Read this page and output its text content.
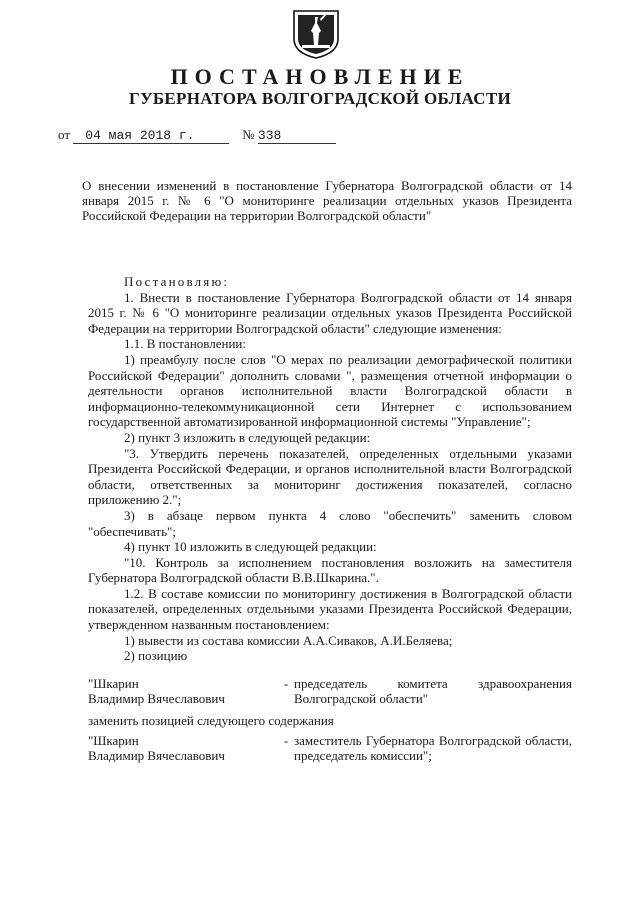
ПОСТАНОВЛЕНИЕ
ГУБЕРНАТОРА ВОЛГОГРАДСКОЙ ОБЛАСТИ
от 04 мая 2018 г.	№ 338
О внесении изменений в постановление Губернатора Волгоградской области от 14 января 2015 г. № 6 "О мониторинге реализации отдельных указов Президента Российской Федерации на территории Волгоградской области"

Постановляю:

1. Внести в постановление Губернатора Волгоградской области от 14 января 2015 г. № 6 "О мониторинге реализации отдельных указов Президента Российской Федерации на территории Волгоградской области" следующие изменения:

1.1. В постановлении:

1) преамбулу после слов "О мерах по реализации демографической политики Российской Федерации" дополнить словами ", размещения отчетной информации о деятельности органов исполнительной власти Волгоградской области в информационно-телекоммуникационной сети Интернет с использованием государственной автоматизированной информационной системы "Управление";

2) пункт 3 изложить в следующей редакции:

"3. Утвердить перечень показателей, определенных отдельными указами Президента Российской Федерации, и органов исполнительной власти Волгоградской области, ответственных за мониторинг достижения показателей, согласно приложению 2.";

3) в абзаце первом пункта 4 слово "обеспечить" заменить словом "обеспечивать";

4) пункт 10 изложить в следующей редакции:

"10. Контроль за исполнением постановления возложить на заместителя Губернатора Волгоградской области В.В.Шкарина.".

1.2. В составе комиссии по мониторингу достижения в Волгоградской области показателей, определенных отдельными указами Президента Российской Федерации, утвержденном названным постановлением:

1) вывести из состава комиссии А.А.Сиваков, А.И.Беляева;

2) позицию

"Шкарин
Владимир Вячеславович
- председатель комитета здравоохранения Волгоградской области"

заменить позицией следующего содержания

"Шкарин
Владимир Вячеславович
- заместитель Губернатора Волгоградской области, председатель комиссии";
